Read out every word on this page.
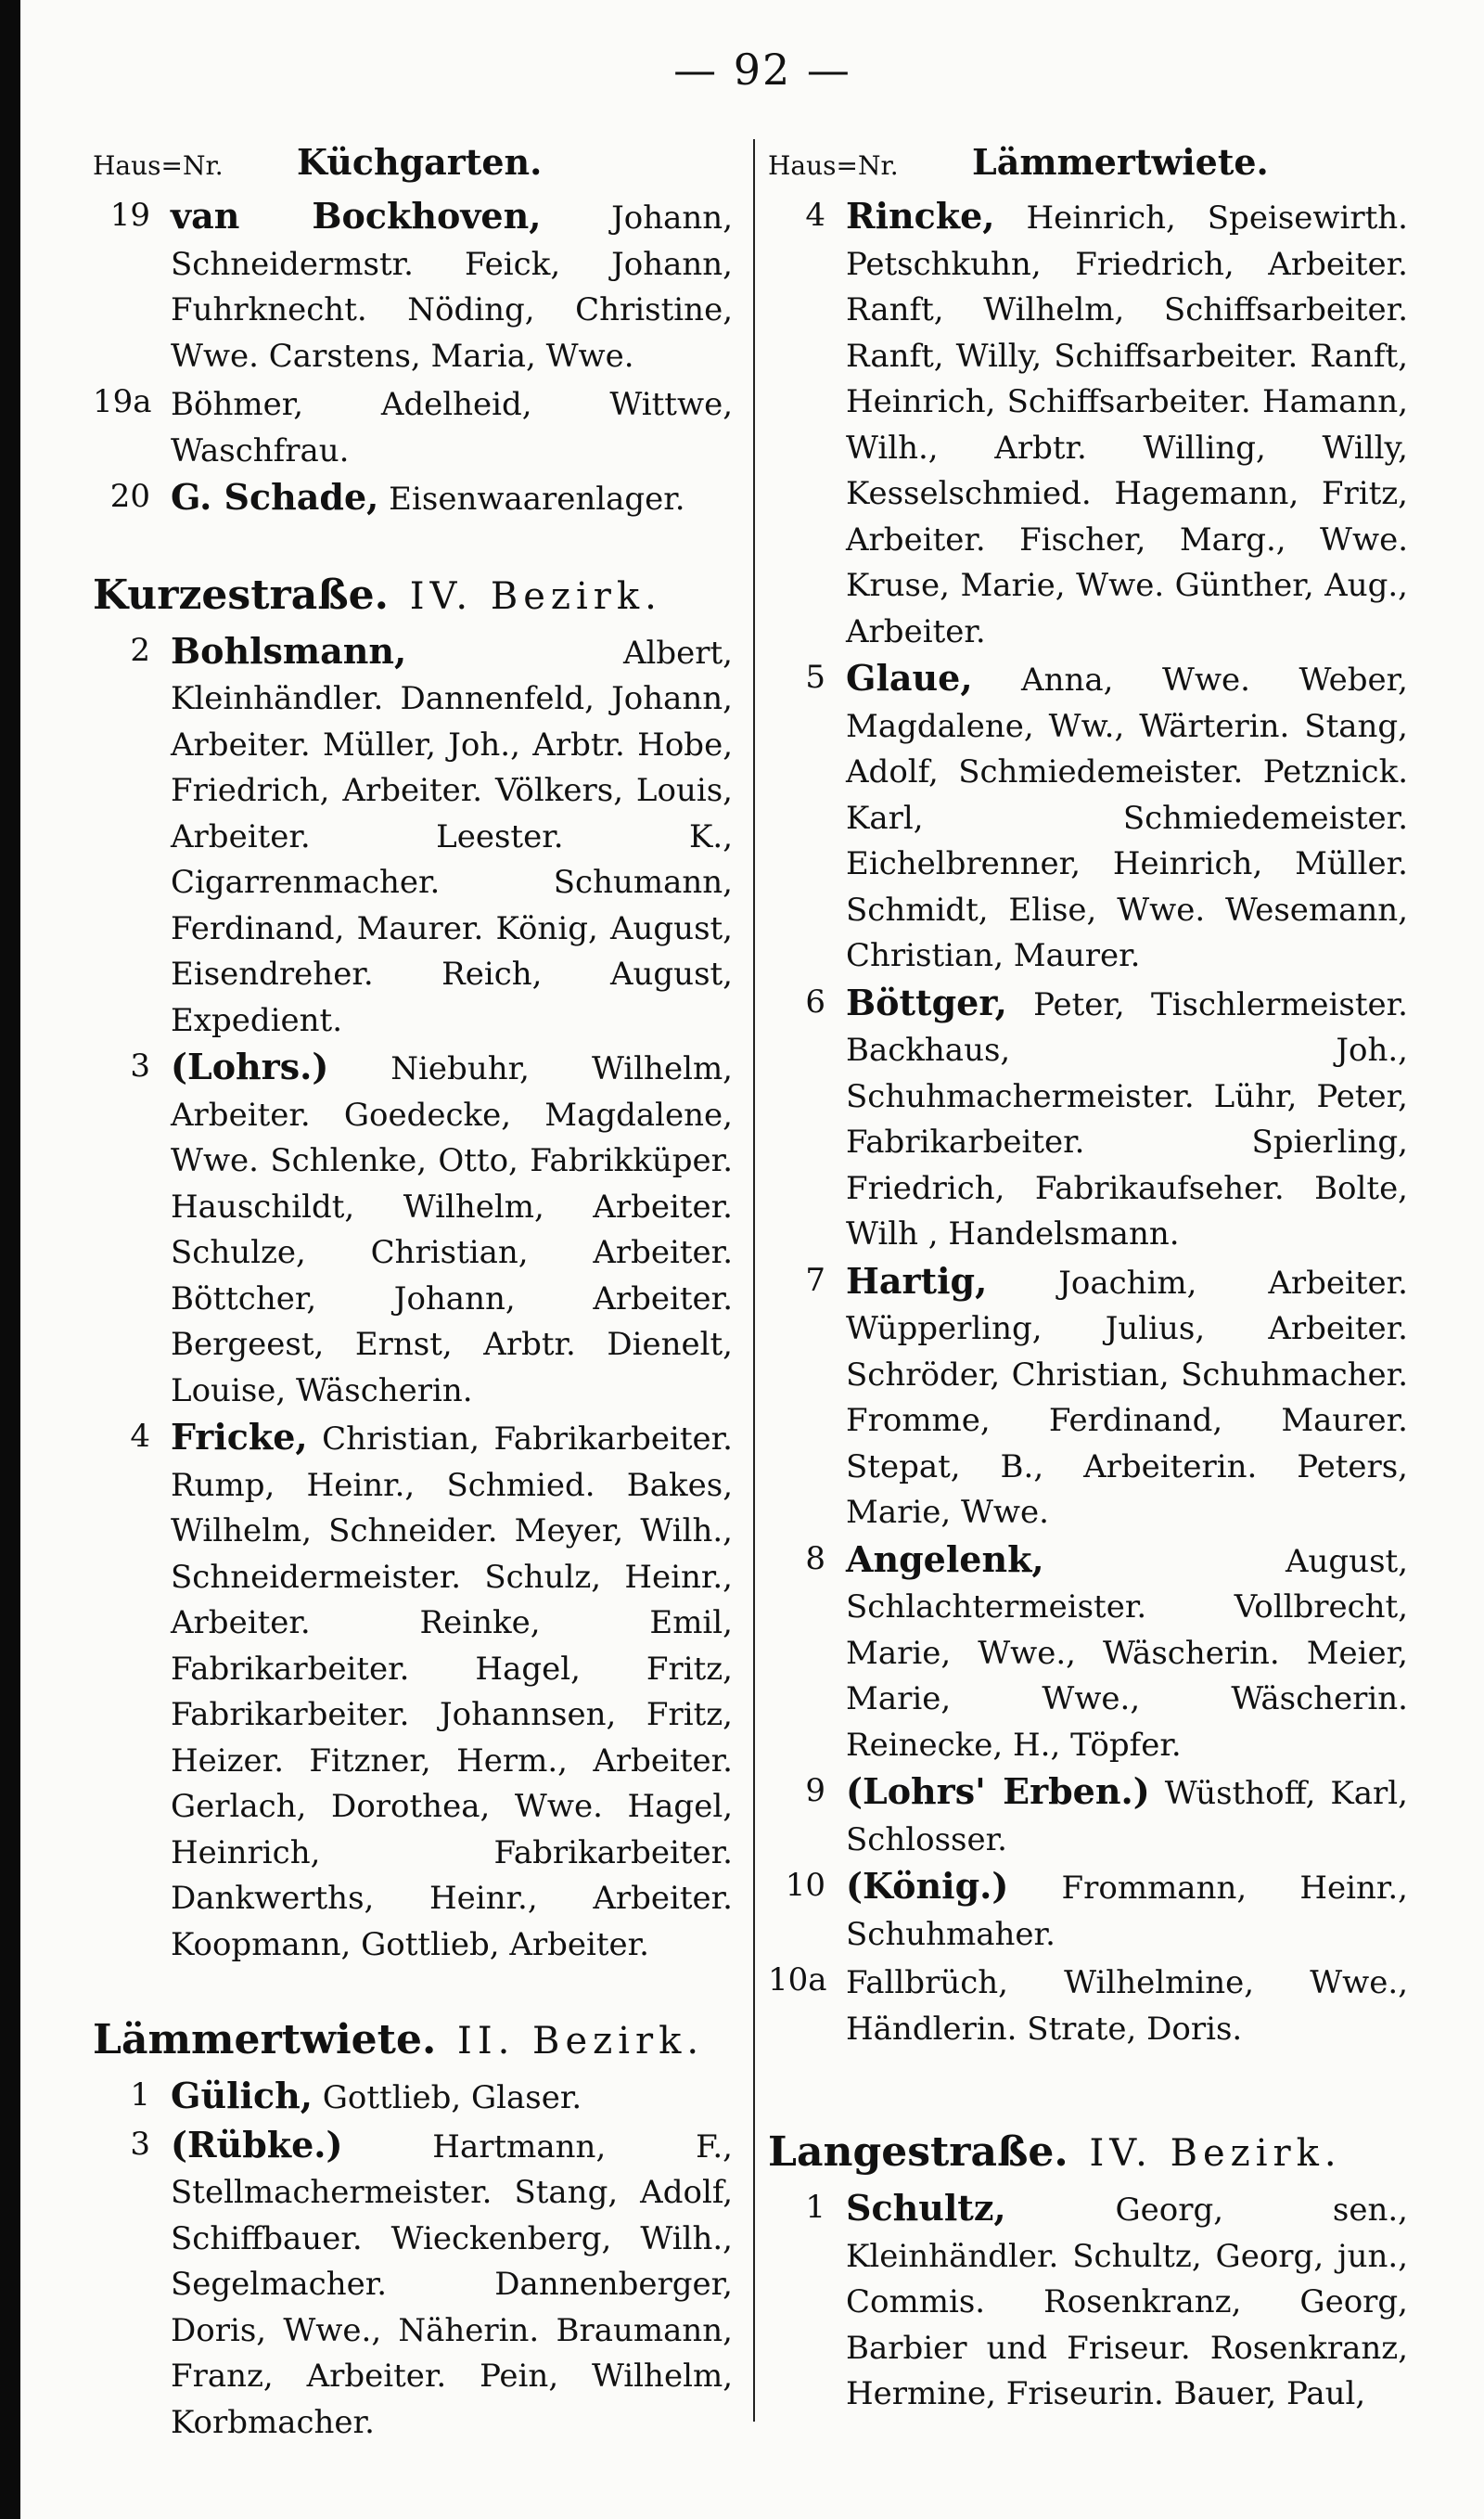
— 92 —
Haus=Nr.	Küchgarten.
19 van Bockhoven, Johann, Schneidermstr. Feick, Johann, Fuhrknecht. Nöding, Christine, Wwe. Carstens, Maria, Wwe.
19a Böhmer, Adelheid, Wittwe, Waschfrau.
20 G. Schade, Eisenwaarenlager.
Kurzestraße. IV. Bezirk.
2 Bohlsmann, Albert, Kleinhändler. Dannenfeld, Johann, Arbeiter. Müller, Joh., Arbtr. Hobe, Friedrich, Arbeiter. Völkers, Louis, Arbeiter. Leester. K., Cigarrenmacher. Schumann, Ferdinand, Maurer. König, August, Eisendreher. Reich, August, Expedient.
3 (Lohrs.) Niebuhr, Wilhelm, Arbeiter. Goedecke, Magdalene, Wwe. Schlenke, Otto, Fabrikküper. Hauschildt, Wilhelm, Arbeiter. Schulze, Christian, Arbeiter. Böttcher, Johann, Arbeiter. Bergeest, Ernst, Arbtr. Dienelt, Louise, Wäscherin.
4 Fricke, Christian, Fabrikarbeiter. Rump, Heinr., Schmied. Bakes, Wilhelm, Schneider. Meyer, Wilh., Schneidermeister. Schulz, Heinr., Arbeiter. Reinke, Emil, Fabrikarbeiter. Hagel, Fritz, Fabrikarbeiter. Johannsen, Fritz, Heizer. Fitzner, Herm., Arbeiter. Gerlach, Dorothea, Wwe. Hagel, Heinrich, Fabrikarbeiter. Dankwerths, Heinr., Arbeiter. Koopmann, Gottlieb, Arbeiter.
Lämmertwiete. II. Bezirk.
1 Gülich, Gottlieb, Glaser.
3 (Rübke.) Hartmann, F., Stellmachermeister. Stang, Adolf, Schiffbauer. Wieckenberg, Wilh., Segelmacher. Dannenberger, Doris, Wwe., Näherin. Braumann, Franz, Arbeiter. Pein, Wilhelm, Korbmacher.
Haus=Nr.	Lämmertwiete.
4 Rincke, Heinrich, Speisewirth. Petschkuhn, Friedrich, Arbeiter. Ranft, Wilhelm, Schiffsarbeiter. Ranft, Willy, Schiffsarbeiter. Ranft, Heinrich, Schiffsarbeiter. Hamann, Wilh., Arbtr. Willing, Willy, Kesselschmied. Hagemann, Fritz, Arbeiter. Fischer, Marg., Wwe. Kruse, Marie, Wwe. Günther, Aug., Arbeiter.
5 Glaue, Anna, Wwe. Weber, Magdalene, Ww., Wärterin. Stang, Adolf, Schmiedemeister. Petznick. Karl, Schmiedemeister. Eichelbrenner, Heinrich, Müller. Schmidt, Elise, Wwe. Wesemann, Christian, Maurer.
6 Böttger, Peter, Tischlermeister. Backhaus, Joh., Schuhmachermeister. Lühr, Peter, Fabrikarbeiter. Spierling, Friedrich, Fabrikaufseher. Bolte, Wilh , Handelsmann.
7 Hartig, Joachim, Arbeiter. Wüpperling, Julius, Arbeiter. Schröder, Christian, Schuhmacher. Fromme, Ferdinand, Maurer. Stepat, B., Arbeiterin. Peters, Marie, Wwe.
8 Angelenk, August, Schlachtermeister. Vollbrecht, Marie, Wwe., Wäscherin. Meier, Marie, Wwe., Wäscherin. Reinecke, H., Töpfer.
9 (Lohrs' Erben.) Wüsthoff, Karl, Schlosser.
10 (König.) Frommann, Heinr., Schuhmaher.
10a Fallbrüch, Wilhelmine, Wwe., Händlerin. Strate, Doris.
Langestraße. IV. Bezirk.
1 Schultz, Georg, sen., Kleinhändler. Schultz, Georg, jun., Commis. Rosenkranz, Georg, Barbier und Friseur. Rosenkranz, Hermine, Friseurin. Bauer, Paul,
